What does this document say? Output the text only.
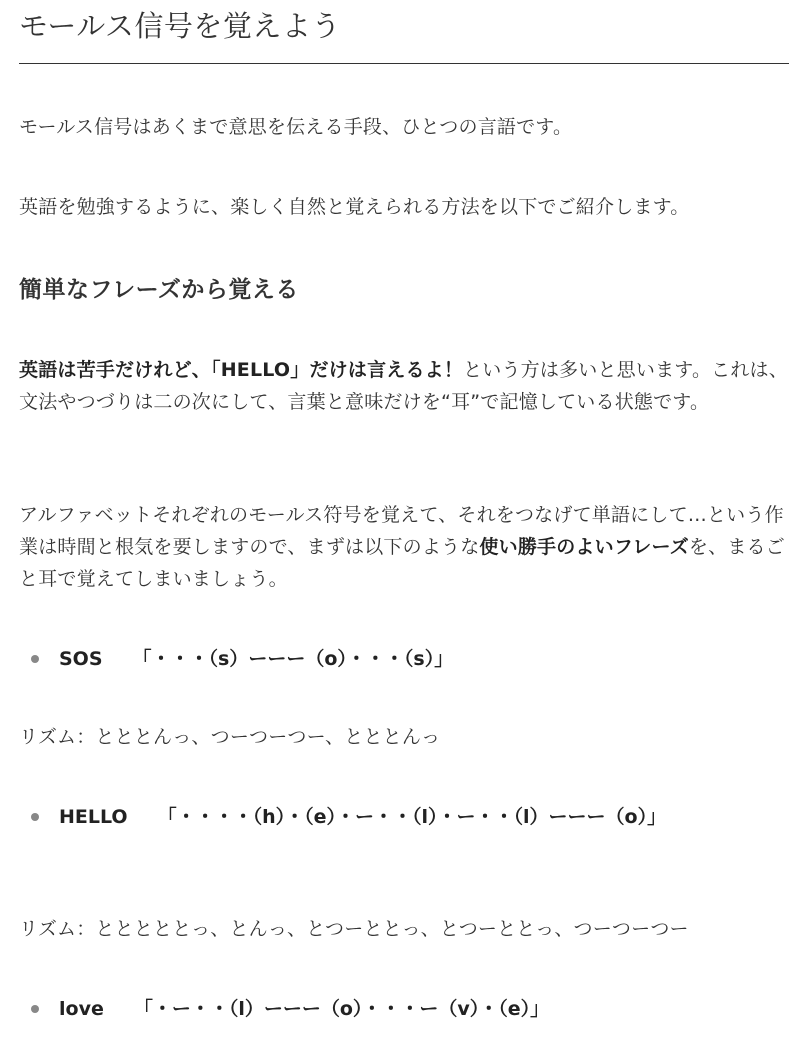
モールス信号を覚えよう

モールス信号はあくまで意思を伝える手段、ひとつの言語です。

英語を勉強するように、楽しく自然と覚えられる方法を以下でご紹介します。

簡単なフレーズから覚える

英語は苦手だけれど、「HELLO」だけは言えるよ！という方は多いと思います。これは、文法やつづりは二の次にして、言葉と意味だけを“耳”で記憶している状態です。

アルファベットそれぞれのモールス符号を覚えて、それをつなげて単語にして…という作業は時間と根気を要しますので、まずは以下のような使い勝手のよいフレーズを、まるごと耳で覚えてしまいましょう。

SOS 「・・・（s）ーーー（o）・・・（s）」

リズム：とととんっ、つーつーつー、とととんっ

HELLO 「・・・・（h）・（e）・ー・・（l）・ー・・（l）ーーー（o）」

リズム：とととととっ、とんっ、とつーととっ、とつーととっ、つーつーつー

love 「・ー・・（l）ーーー（o）・・・ー（v）・（e）」
